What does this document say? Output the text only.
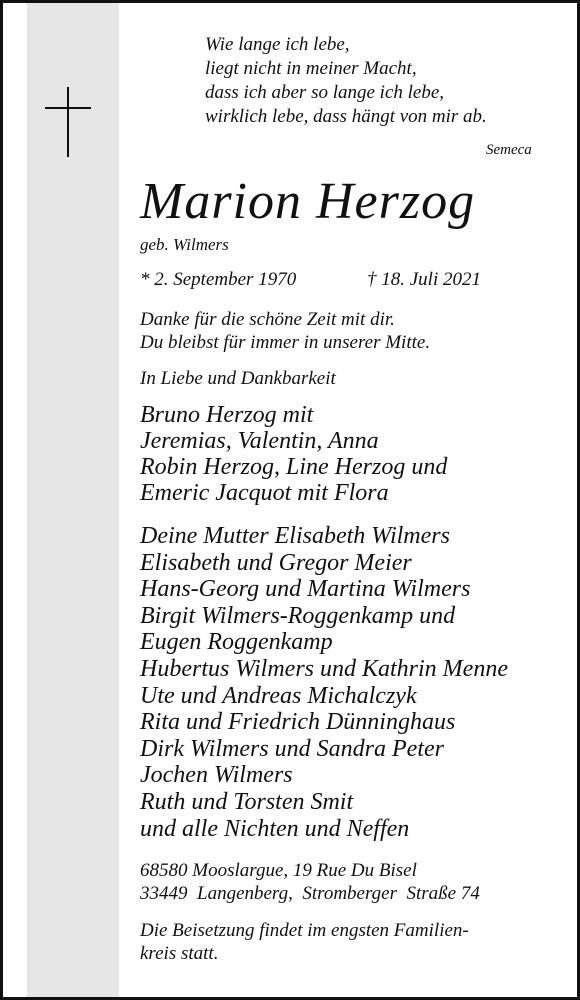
Wie lange ich lebe,
liegt nicht in meiner Macht,
dass ich aber so lange ich lebe,
wirklich lebe, dass hängt von mir ab.
Semeca
Marion Herzog
geb. Wilmers
* 2. September 1970	† 18. Juli 2021
Danke für die schöne Zeit mit dir.
Du bleibst für immer in unserer Mitte.
In Liebe und Dankbarkeit
Bruno Herzog mit
Jeremias, Valentin, Anna
Robin Herzog, Line Herzog und
Emeric Jacquot mit Flora
Deine Mutter Elisabeth Wilmers
Elisabeth und Gregor Meier
Hans-Georg und Martina Wilmers
Birgit Wilmers-Roggenkamp und
Eugen Roggenkamp
Hubertus Wilmers und Kathrin Menne
Ute und Andreas Michalczyk
Rita und Friedrich Dünninghaus
Dirk Wilmers und Sandra Peter
Jochen Wilmers
Ruth und Torsten Smit
und alle Nichten und Neffen
68580 Mooslargue, 19 Rue Du Bisel
33449  Langenberg,  Stromberger  Straße 74
Die Beisetzung findet im engsten Familien-
kreis statt.
